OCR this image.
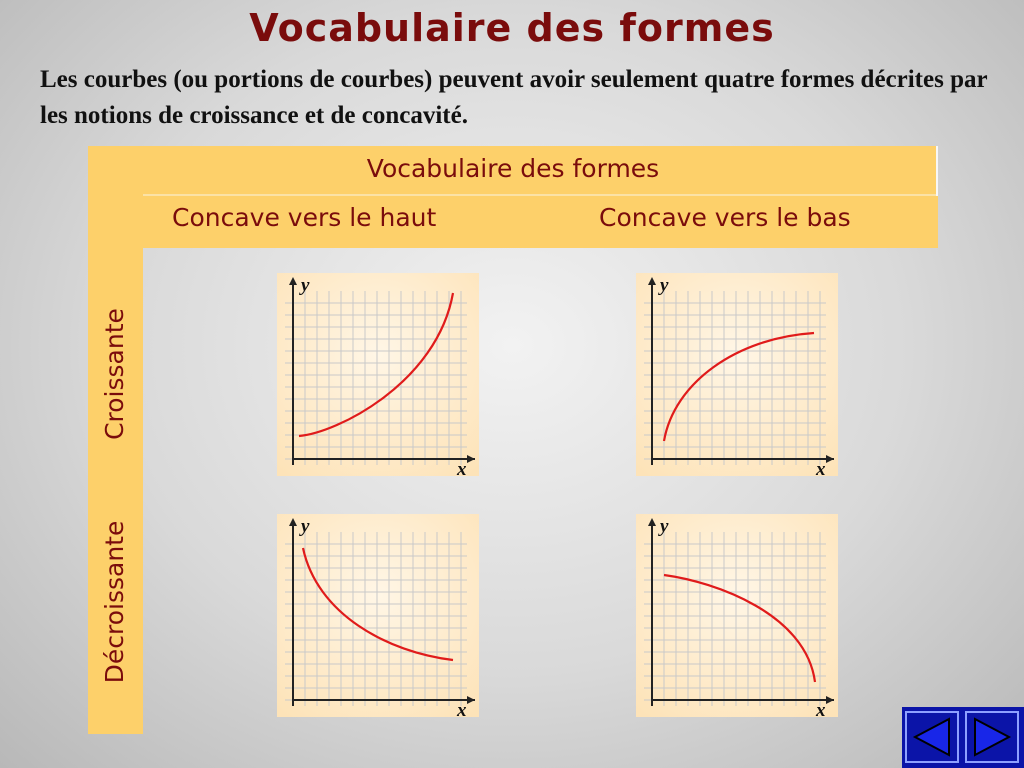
Vocabulaire des formes
Les courbes (ou portions de courbes) peuvent avoir seulement quatre formes décrites par les notions de croissance et de concavité.
Vocabulaire des formes
Concave vers le haut	Concave vers le bas
Croissante
Décroissante
y
x
y
x
y
x
y
x
